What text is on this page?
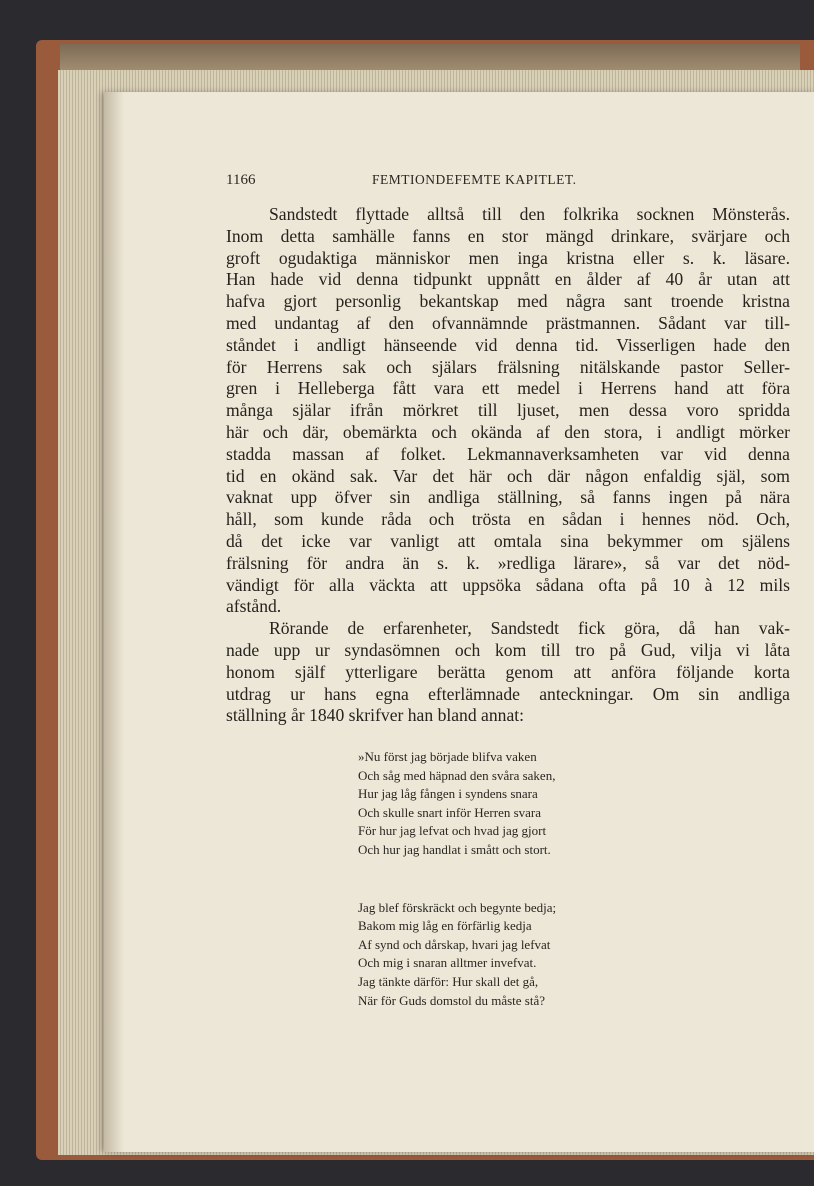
1166	FEMTIONDEFEMTE KAPITLET.
Sandstedt flyttade alltså till den folkrika socknen Mönsterås.
Inom detta samhälle fanns en stor mängd drinkare, svärjare och
groft ogudaktiga människor men inga kristna eller s. k. läsare.
Han hade vid denna tidpunkt uppnått en ålder af 40 år utan att
hafva gjort personlig bekantskap med några sant troende kristna
med undantag af den ofvannämnde prästmannen. Sådant var till-
ståndet i andligt hänseende vid denna tid. Visserligen hade den
för Herrens sak och själars frälsning nitälskande pastor Seller-
gren i Helleberga fått vara ett medel i Herrens hand att föra
många själar ifrån mörkret till ljuset, men dessa voro spridda
här och där, obemärkta och okända af den stora, i andligt mörker
stadda massan af folket. Lekmannaverksamheten var vid denna
tid en okänd sak. Var det här och där någon enfaldig själ, som
vaknat upp öfver sin andliga ställning, så fanns ingen på nära
håll, som kunde råda och trösta en sådan i hennes nöd. Och,
då det icke var vanligt att omtala sina bekymmer om själens
frälsning för andra än s. k. »redliga lärare», så var det nöd-
vändigt för alla väckta att uppsöka sådana ofta på 10 à 12 mils
afstånd.
Rörande de erfarenheter, Sandstedt fick göra, då han vak-
nade upp ur syndasömnen och kom till tro på Gud, vilja vi låta
honom själf ytterligare berätta genom att anföra följande korta
utdrag ur hans egna efterlämnade anteckningar. Om sin andliga
ställning år 1840 skrifver han bland annat:
»Nu först jag började blifva vaken
Och såg med häpnad den svåra saken,
Hur jag låg fången i syndens snara
Och skulle snart inför Herren svara
För hur jag lefvat och hvad jag gjort
Och hur jag handlat i smått och stort.
Jag blef förskräckt och begynte bedja;
Bakom mig låg en förfärlig kedja
Af synd och dårskap, hvari jag lefvat
Och mig i snaran alltmer invefvat.
Jag tänkte därför: Hur skall det gå,
När för Guds domstol du måste stå?
